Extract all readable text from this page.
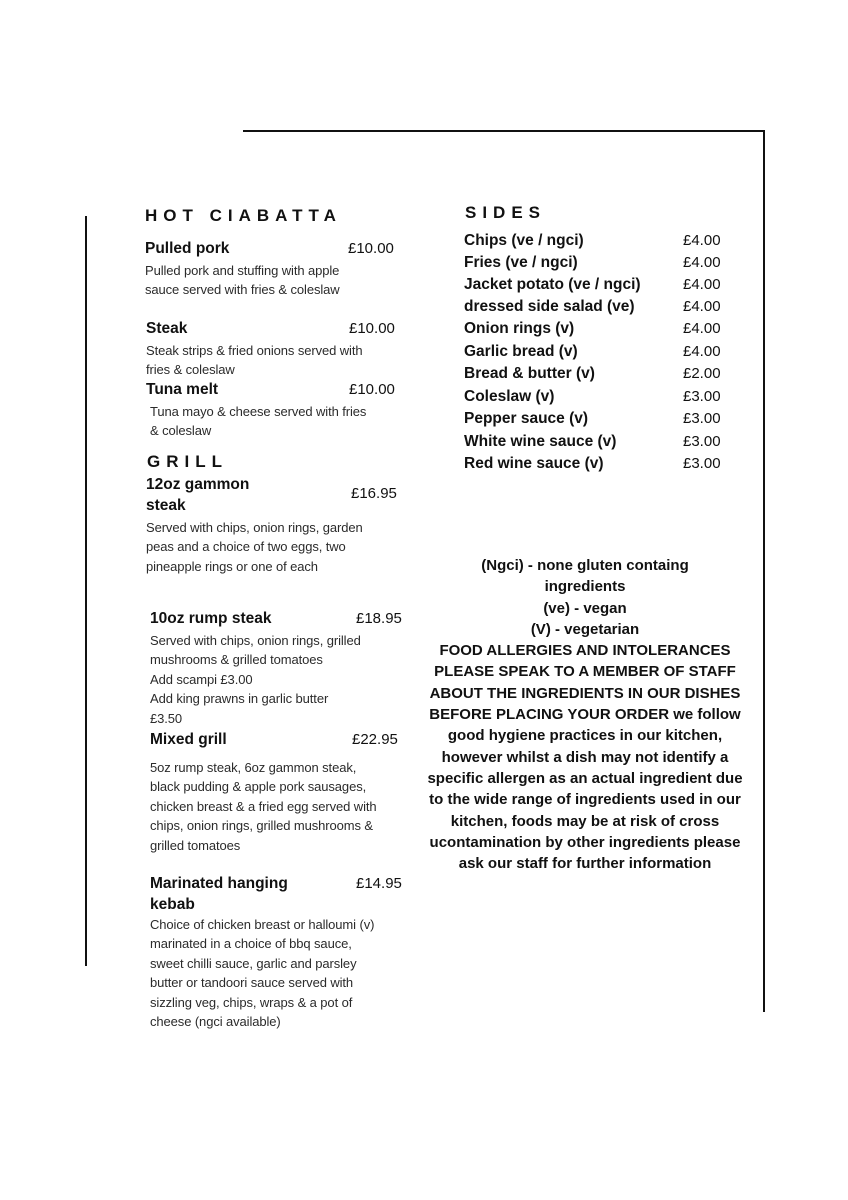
HOT CIABATTA
Pulled pork	£10.00
Pulled pork and stuffing with apple sauce served with fries & coleslaw
Steak	£10.00
Steak strips & fried onions served with fries & coleslaw
Tuna melt	£10.00
Tuna mayo & cheese served with fries & coleslaw
GRILL
12oz gammon steak
£16.95
Served with chips, onion rings, garden peas and a choice of two eggs, two pineapple rings or one of each
10oz rump steak	£18.95
Served with chips, onion rings, grilled mushrooms & grilled tomatoes
Add scampi £3.00
Add king prawns in garlic butter £3.50
Mixed grill	£22.95
5oz rump steak, 6oz gammon steak, black pudding & apple pork sausages, chicken breast & a fried egg served with chips, onion rings, grilled mushrooms & grilled tomatoes
Marinated hanging kebab
£14.95
Choice of chicken breast or halloumi (v) marinated in a choice of bbq sauce, sweet chilli sauce, garlic and parsley butter or tandoori sauce served with sizzling veg, chips, wraps & a pot of cheese (ngci available)
SIDES
Chips (ve / ngci)	£4.00
Fries (ve / ngci)	£4.00
Jacket potato (ve / ngci)	£4.00
dressed side salad (ve)	£4.00
Onion rings (v)	£4.00
Garlic bread (v)	£4.00
Bread & butter (v)	£2.00
Coleslaw (v)	£3.00
Pepper sauce (v)	£3.00
White wine sauce (v)	£3.00
Red wine sauce (v)	£3.00
(Ngci) - none gluten containg ingredients
(ve) - vegan
(V) - vegetarian
FOOD ALLERGIES AND INTOLERANCES PLEASE SPEAK TO A MEMBER OF STAFF ABOUT THE INGREDIENTS IN OUR DISHES BEFORE PLACING YOUR ORDER we follow good hygiene practices in our kitchen, however whilst a dish may not identify a specific allergen as an actual ingredient due to the wide range of ingredients used in our kitchen, foods may be at risk of cross ucontamination by other ingredients please ask our staff for further information
